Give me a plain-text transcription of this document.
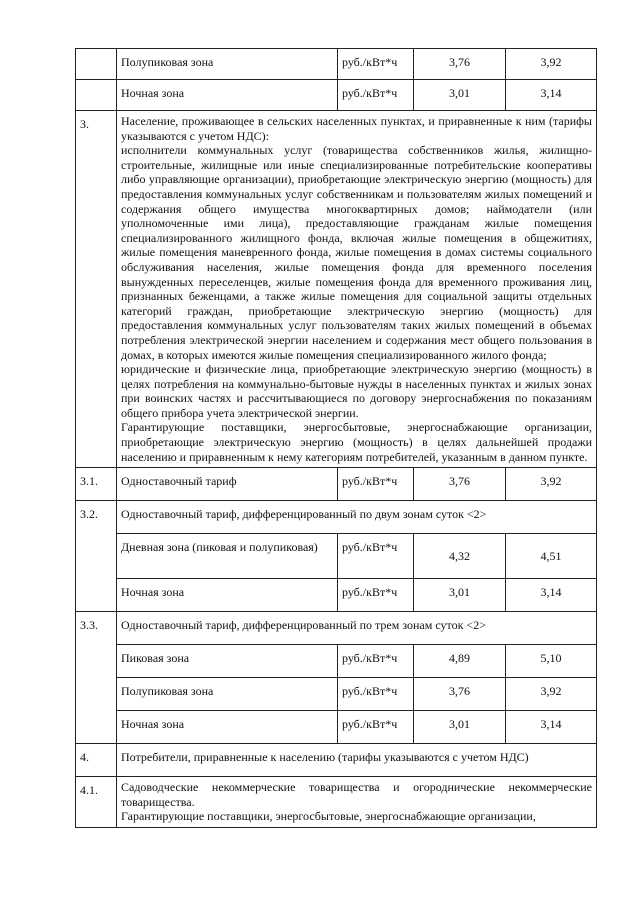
	Полупиковая зона	руб./кВт*ч	3,76	3,92
	Ночная зона	руб./кВт*ч	3,01	3,14
3.	Население, проживающее в сельских населенных пунктах, и приравненные к ним (тарифы указываются с учетом НДС):
исполнители коммунальных услуг (товарищества собственников жилья, жилищно-строительные, жилищные или иные специализированные потребительские кооперативы либо управляющие организации), приобретающие электрическую энергию (мощность) для предоставления коммунальных услуг собственникам и пользователям жилых помещений и содержания общего имущества многоквартирных домов; наймодатели (или уполномоченные ими лица), предоставляющие гражданам жилые помещения специализированного жилищного фонда, включая жилые помещения в общежитиях, жилые помещения маневренного фонда, жилые помещения в домах системы социального обслуживания населения, жилые помещения фонда для временного поселения вынужденных переселенцев, жилые помещения фонда для временного проживания лиц, признанных беженцами, а также жилые помещения для социальной защиты отдельных категорий граждан, приобретающие электрическую энергию (мощность) для предоставления коммунальных услуг пользователям таких жилых помещений в объемах потребления электрической энергии населением и содержания мест общего пользования в домах, в которых имеются жилые помещения специализированного жилого фонда;
юридические и физические лица, приобретающие электрическую энергию (мощность) в целях потребления на коммунально-бытовые нужды в населенных пунктах и жилых зонах при воинских частях и рассчитывающиеся по договору энергоснабжения по показаниям общего прибора учета электрической энергии.
Гарантирующие поставщики, энергосбытовые, энергоснабжающие организации, приобретающие электрическую энергию (мощность) в целях дальнейшей продажи населению и приравненным к нему категориям потребителей, указанным в данном пункте.			

3.1.	Одноставочный тариф	руб./кВт*ч	3,76	3,92
3.2.	Одноставочный тариф, дифференцированный по двум зонам суток <2>			
	Дневная зона (пиковая и полупиковая)	руб./кВт*ч	4,32	4,51
	Ночная зона	руб./кВт*ч	3,01	3,14
3.3.	Одноставочный тариф, дифференцированный по трем зонам суток <2>			
	Пиковая зона	руб./кВт*ч	4,89	5,10
	Полупиковая зона	руб./кВт*ч	3,76	3,92
	Ночная зона	руб./кВт*ч	3,01	3,14
4.	Потребители, приравненные к населению (тарифы указываются с учетом НДС)			
4.1.	Садоводческие некоммерческие товарищества и огороднические некоммерческие товарищества.
Гарантирующие поставщики, энергосбытовые, энергоснабжающие организации,			
